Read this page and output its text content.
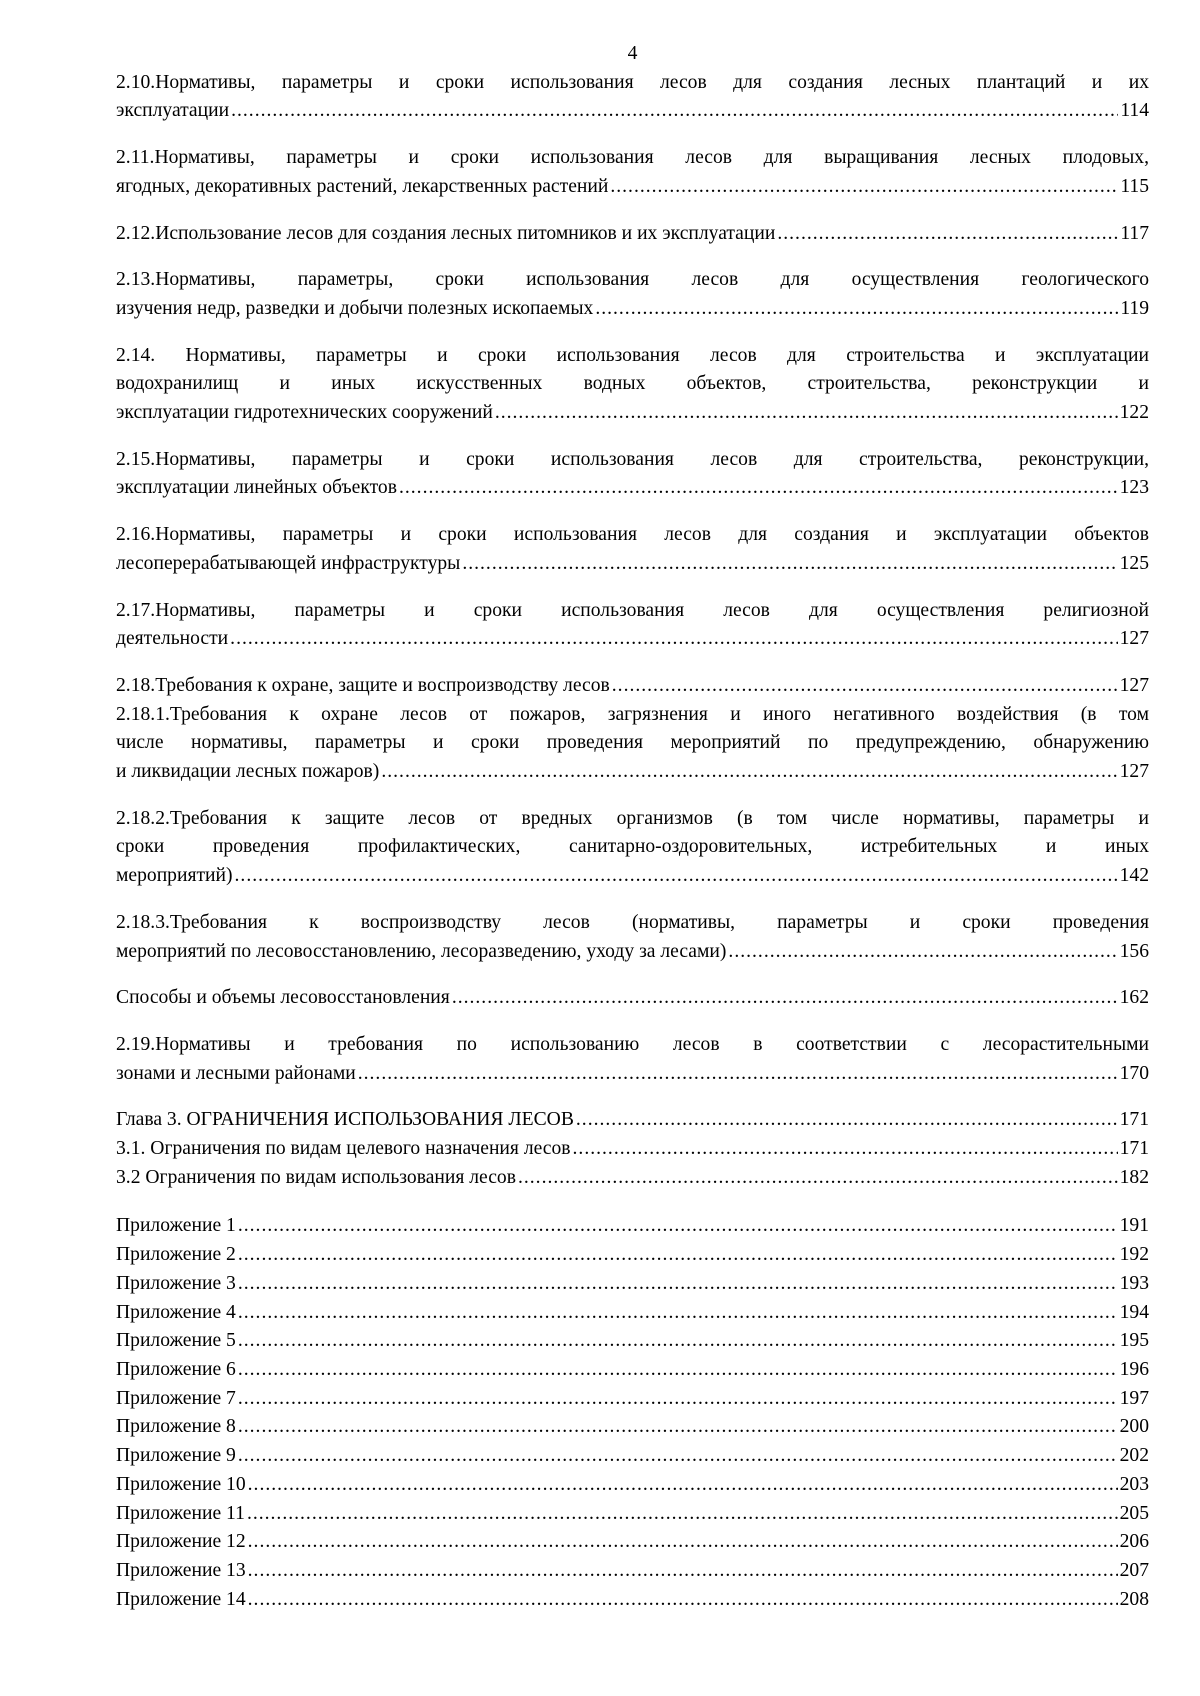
4
2.10.Нормативы, параметры и сроки использования лесов для создания лесных плантаций и их
эксплуатации .....	114
2.11.Нормативы, параметры и сроки использования лесов для выращивания лесных плодовых,
ягодных, декоративных растений, лекарственных растений .....	115
2.12.Использование лесов для создания лесных питомников и их эксплуатации .....	117
2.13.Нормативы, параметры, сроки использования лесов для осуществления геологического
изучения недр, разведки и добычи полезных ископаемых .....	119
2.14. Нормативы, параметры и сроки использования лесов для строительства и эксплуатации
водохранилищ и иных искусственных водных объектов, строительства, реконструкции и
эксплуатации гидротехнических сооружений .....	122
2.15.Нормативы, параметры и сроки использования лесов для строительства, реконструкции,
эксплуатации линейных объектов .....	123
2.16.Нормативы, параметры и сроки использования лесов для создания и эксплуатации объектов
лесоперерабатывающей инфраструктуры .....	125
2.17.Нормативы, параметры и сроки использования лесов для осуществления религиозной
деятельности .....	127
2.18.Требования к охране, защите и воспроизводству лесов .....	127
2.18.1.Требования к охране лесов от пожаров, загрязнения и иного негативного воздействия (в том
числе нормативы, параметры и сроки проведения мероприятий по предупреждению, обнаружению
и ликвидации лесных пожаров) .....	127
2.18.2.Требования к защите лесов от вредных организмов (в том числе нормативы, параметры и
сроки проведения профилактических, санитарно-оздоровительных, истребительных и иных
мероприятий) .....	142
2.18.3.Требования к воспроизводству лесов (нормативы, параметры и сроки проведения
мероприятий по лесовосстановлению, лесоразведению, уходу за лесами) .....	156
Способы и объемы лесовосстановления .....	162
2.19.Нормативы и требования по использованию лесов в соответствии с лесорастительными
зонами и лесными районами .....	170
Глава 3. ОГРАНИЧЕНИЯ ИСПОЛЬЗОВАНИЯ ЛЕСОВ .....	171
3.1. Ограничения по видам целевого назначения лесов .....	171
3.2 Ограничения по видам использования лесов .....	182
Приложение 1 .....	191
Приложение 2 .....	192
Приложение 3 .....	193
Приложение 4 .....	194
Приложение 5 .....	195
Приложение 6 .....	196
Приложение 7 .....	197
Приложение 8 .....	200
Приложение 9 .....	202
Приложение 10 .....	203
Приложение 11 .....	205
Приложение 12 .....	206
Приложение 13 .....	207
Приложение 14 .....	208
